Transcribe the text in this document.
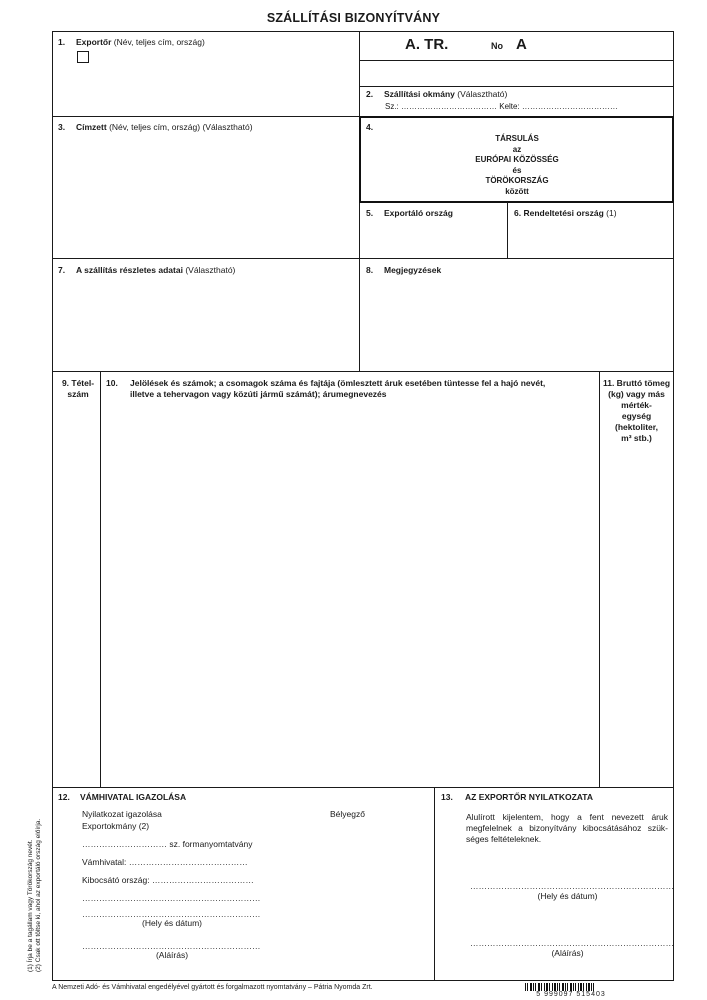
SZÁLLÍTÁSI BIZONYÍTVÁNY
A. TR.	No A
1. Exportőr (Név, teljes cím, ország)
2. Szállítási okmány (Választható)
Sz.: ……………………………… Kelte: ………………………………
3. Címzett (Név, teljes cím, ország) (Választható)	4.
TÁRSULÁS
az
EURÓPAI KÖZÖSSÉG
és
TÖRÖKORSZÁG
között
5. Exportáló ország	6. Rendeltetési ország (1)
7. A szállítás részletes adatai (Választható)	8. Megjegyzések
9. Tétel-
szám
10. Jelölések és számok; a csomagok száma és fajtája (ömlesztett áruk esetében tüntesse fel a hajó nevét,
illetve a tehervagon vagy közúti jármű számát); árumegnevezés
11. Bruttó tömeg
(kg) vagy más
mérték-
egység
(hektoliter,
m³ stb.)
12. VÁMHIVATAL IGAZOLÁSA
Nyilatkozat igazolása	Bélyegző
Exportokmány (2)
………………………… sz. formanyomtatvány
Vámhivatal: ……………………………………
Kibocsátó ország: ………………………………
………………………………………………………
………………………………………………………
(Hely és dátum)
………………………………………………………
(Aláírás)
13. AZ EXPORTŐR NYILATKOZATA
Alulírott kijelentem, hogy a fent nevezett áruk
megfelelnek a bizonyítvány kibocsátásához szük-
séges feltételeknek.
………………………………………………………………
(Hely és dátum)
………………………………………………………………
(Aláírás)
(1) Írja be a tagállam vagy Törökország nevét. (2) Csak ott töltse ki, ahol az exportáló ország előírja.
A Nemzeti Adó- és Vámhivatal engedélyével gyártott és forgalmazott nyomtatvány – Pátria Nyomda Zrt.
5 999097 515403
